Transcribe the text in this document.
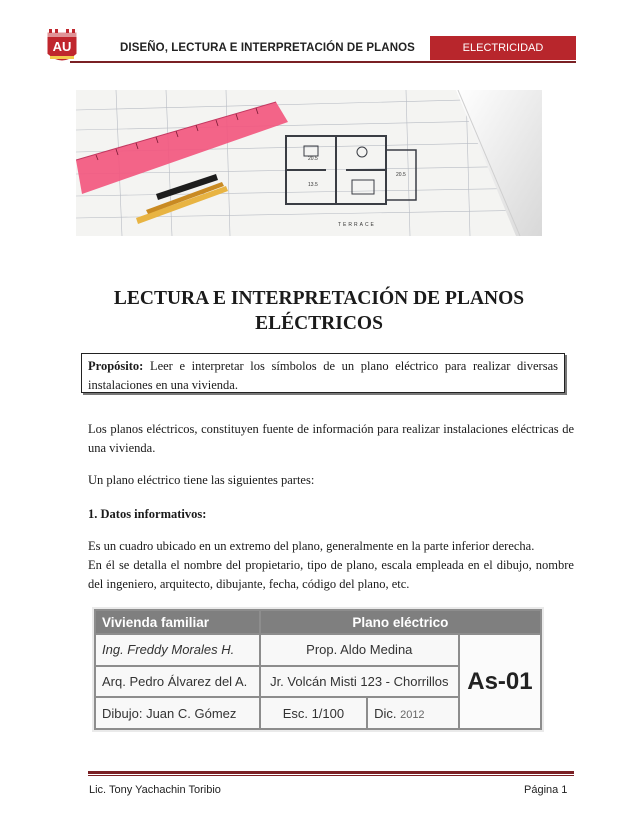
AU	DISEÑO, LECTURA E INTERPRETACIÓN DE PLANOS	ELECTRICIDAD
13.5
20.5
20.5
TERRACE
LECTURA E INTERPRETACIÓN DE PLANOS
ELÉCTRICOS
Propósito: Leer e interpretar los símbolos de un plano eléctrico para realizar diversas instalaciones en una vivienda.
Los planos eléctricos, constituyen fuente de información para realizar instalaciones eléctricas de una vivienda.
Un plano eléctrico tiene las siguientes partes:
1. Datos informativos:
Es un cuadro ubicado en un extremo del plano, generalmente en la parte inferior derecha.
En él se detalla el nombre del propietario, tipo de plano, escala empleada en el dibujo, nombre del ingeniero, arquitecto, dibujante, fecha, código del plano, etc.
Vivienda familiar	Plano eléctrico		
Ing. Freddy Morales H.	Prop. Aldo Medina		As-01
Arq. Pedro Álvarez del A.	Jr. Volcán Misti 123 - Chorrillos		
Dibujo: Juan C. Gómez	Esc. 1/100	Dic. 2012	
Lic. Tony Yachachin Toribio	Página 1
